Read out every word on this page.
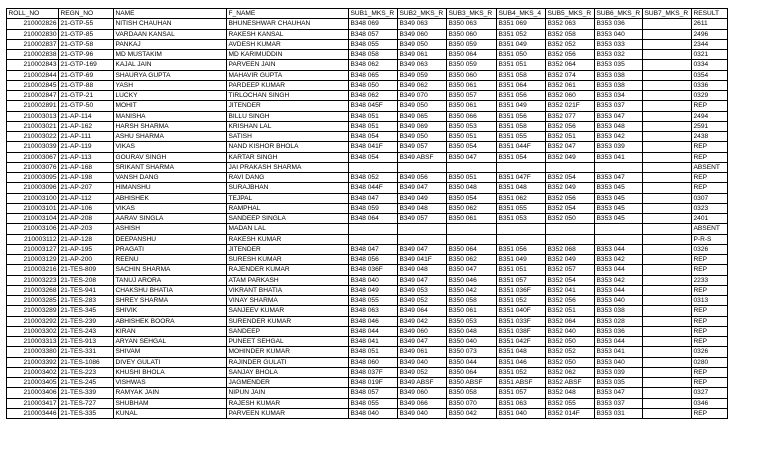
ROLL_NO	REGN_NO	NAME	F_NAME	SUB1_MKS_R	SUB2_MKS_R	SUB3_MKS_R	SUB4_MKS_4	SUB5_MKS_R	SUB6_MKS_R	SUB7_MKS_R	RESULT
210002826	21-GTP-55	NITISH CHAUHAN	BHUNESHWAR CHAUHAN	B348 069	B349 063	B350 063	B351 069	B352 063	B353 036		2611
210002830	21-GTP-85	VARDAAN KANSAL	RAKESH KANSAL	B348 057	B349 060	B350 060	B351 052	B352 058	B353 040		2496
210002837	21-GTP-58	PANKAJ	AVDESH KUMAR	B348 055	B349 050	B350 059	B351 049	B352 052	B353 033		2344
210002838	21-GTP-96	MD MUSTAKIM	MD KARIMUDDIN	B348 058	B349 061	B350 064	B351 050	B352 056	B353 032		0321
210002843	21-GTP-169	KAJAL JAIN	PARVEEN JAIN	B348 062	B349 063	B350 059	B351 051	B352 064	B353 035		0334
210002844	21-GTP-69	SHAURYA GUPTA	MAHAVIR GUPTA	B348 065	B349 059	B350 060	B351 058	B352 074	B353 038		0354
210002845	21-GTP-88	YASH	PARDEEP KUMAR	B348 050	B349 062	B350 061	B351 064	B352 061	B353 038		0336
210002847	21-GTP-21	LUCKY	TIRLOCHAN SINGH	B348 062	B349 070	B350 057	B351 056	B352 060	B353 034		0329
210002891	21-GTP-50	MOHIT	JITENDER	B348 045F	B349 050	B350 061	B351 049	B352 021F	B353 037		REP
210003013	21-AP-114	MANISHA	BILLU SINGH	B348 051	B349 065	B350 066	B351 056	B352 077	B353 047		2494
210003021	21-AP-162	HARSH SHARMA	KRISHAN LAL	B348 051	B349 069	B350 053	B351 058	B352 056	B353 048		2591
210003022	21-AP-111	ASHU SHARMA	SATISH	B348 054	B349 050	B350 051	B351 055	B352 051	B353 042		2438
210003039	21-AP-119	VIKAS	NAND KISHOR BHOLA	B348 041F	B349 057	B350 054	B351 044F	B352 047	B353 039		REP
210003067	21-AP-113	GOURAV SINGH	KARTAR SINGH	B348 054	B349 ABSF	B350 047	B351 054	B352 049	B353 041		REP
210003076	21-AP-168	SRIKANT SHARMA	JAI PRAKASH SHARMA								ABSENT
210003095	21-AP-198	VANSH DANG	RAVI DANG	B348 052	B349 056	B350 051	B351 047F	B352 054	B353 047		REP
210003096	21-AP-207	HIMANSHU	SURAJBHAN	B348 044F	B349 047	B350 048	B351 048	B352 049	B353 045		REP
210003100	21-AP-112	ABHISHEK	TEJPAL	B348 047	B349 049	B350 054	B351 062	B352 056	B353 045		0307
210003101	21-AP-106	VIKAS	RAMPHAL	B348 059	B349 048	B350 062	B351 055	B352 054	B353 045		0323
210003104	21-AP-208	AARAV SINGLA	SANDEEP SINGLA	B348 064	B349 057	B350 061	B351 053	B352 050	B353 045		2401
210003106	21-AP-203	ASHISH	MADAN LAL								ABSENT
210003112	21-AP-128	DEEPANSHU	RAKESH KUMAR								P-R-S
210003127	21-AP-195	PRAGATI	JITENDER	B348 047	B349 047	B350 064	B351 056	B352 068	B353 044		0326
210003129	21-AP-200	REENU	SURESH KUMAR	B348 056	B349 041F	B350 062	B351 049	B352 049	B353 042		REP
210003216	21-TES-809	SACHIN SHARMA	RAJENDER KUMAR	B348 036F	B349 048	B350 047	B351 051	B352 057	B353 044		REP
210003223	21-TES-208	TANUJ ARORA	ATAM PARKASH	B348 040	B349 047	B350 046	B351 057	B352 054	B353 042		2233
210003268	21-TES-941	CHAKSHU BHATIA	VIKRANT BHATIA	B348 049	B349 053	B350 042	B351 036F	B352 041	B353 044		REP
210003285	21-TES-283	SHREY SHARMA	VINAY SHARMA	B348 055	B349 052	B350 058	B351 052	B352 056	B353 040		0313
210003289	21-TES-345	SHIVIK	SANJEEV KUMAR	B348 063	B349 064	B350 061	B351 040F	B352 051	B353 038		REP
210003292	21-TES-239	ABHISHEK BOORA	SURENDER KUMAR	B348 046	B349 042	B350 053	B351 033F	B352 064	B353 028		REP
210003302	21-TES-243	KIRAN	SANDEEP	B348 044	B349 060	B350 048	B351 038F	B352 040	B353 036		REP
210003313	21-TES-913	ARYAN SEHGAL	PUNEET SEHGAL	B348 041	B349 047	B350 040	B351 042F	B352 050	B353 044		REP
210003380	21-TES-331	SHIVAM	MOHINDER KUMAR	B348 051	B349 061	B350 073	B351 048	B352 052	B353 041		0326
210003392	21-TES-1086	DIVEY GULATI	RAJINDER GULATI	B348 060	B349 040	B350 044	B351 046	B352 050	B353 040		0280
210003402	21-TES-223	KHUSHI BHOLA	SANJAY BHOLA	B348 037F	B349 052	B350 064	B351 052	B352 062	B353 039		REP
210003405	21-TES-245	VISHWAS	JAGMENDER	B348 019F	B349 ABSF	B350 ABSF	B351 ABSF	B352 ABSF	B353 035		REP
210003406	21-TES-339	RAMYAK JAIN	NIPUN JAIN	B348 057	B349 060	B350 058	B351 057	B352 048	B353 047		0327
210003417	21-TES-727	SHUBHAM	RAJESH KUMAR	B348 055	B349 066	B350 070	B351 063	B352 055	B353 037		0346
210003446	21-TES-335	KUNAL	PARVEEN KUMAR	B348 040	B349 040	B350 042	B351 040	B352 014F	B353 031		REP
